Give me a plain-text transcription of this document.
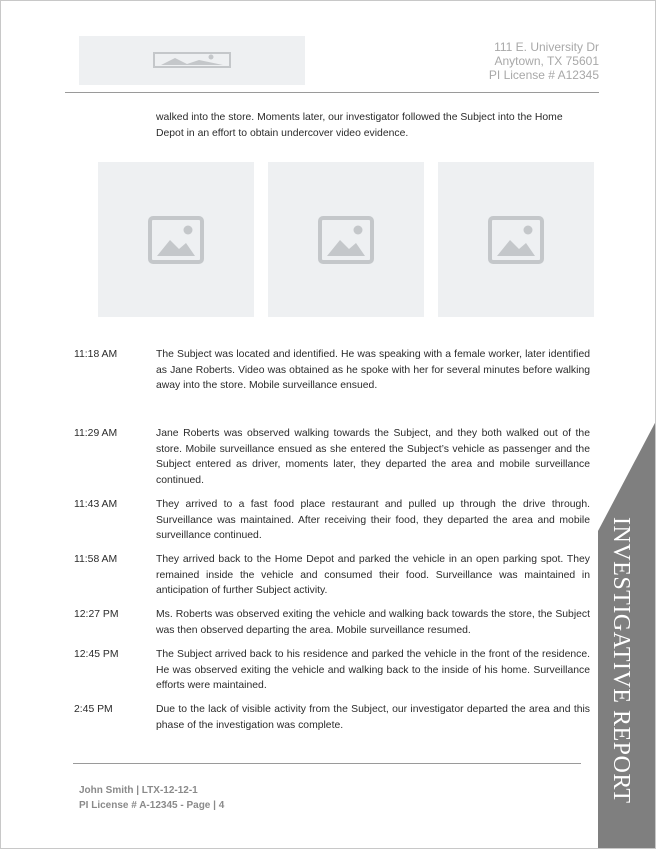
111 E. University Dr
Anytown, TX 75601
PI License # A12345
walked into the store. Moments later, our investigator followed the Subject into the Home Depot in an effort to obtain undercover video evidence.
11:18 AM	The Subject was located and identified. He was speaking with a female worker, later identified as Jane Roberts. Video was obtained as he spoke with her for several minutes before walking away into the store. Mobile surveillance ensued.
11:29 AM	Jane Roberts was observed walking towards the Subject, and they both walked out of the store. Mobile surveillance ensued as she entered the Subject’s vehicle as passenger and the Subject entered as driver, moments later, they departed the area and mobile surveillance continued.
11:43 AM	They arrived to a fast food place restaurant and pulled up through the drive through. Surveillance was maintained. After receiving their food, they departed the area and mobile surveillance continued.
11:58 AM	They arrived back to the Home Depot and parked the vehicle in an open parking spot. They remained inside the vehicle and consumed their food. Surveillance was maintained in anticipation of further Subject activity.
12:27 PM	Ms. Roberts was observed exiting the vehicle and walking back towards the store, the Subject was then observed departing the area. Mobile surveillance resumed.
12:45 PM	The Subject arrived back to his residence and parked the vehicle in the front of the residence. He was observed exiting the vehicle and walking back to the inside of his home. Surveillance efforts were maintained.
2:45 PM	Due to the lack of visible activity from the Subject, our investigator departed the area and this phase of the investigation was complete.
John Smith | LTX-12-12-1
PI License # A-12345 - Page | 4
INVESTIGATIVE REPORT
